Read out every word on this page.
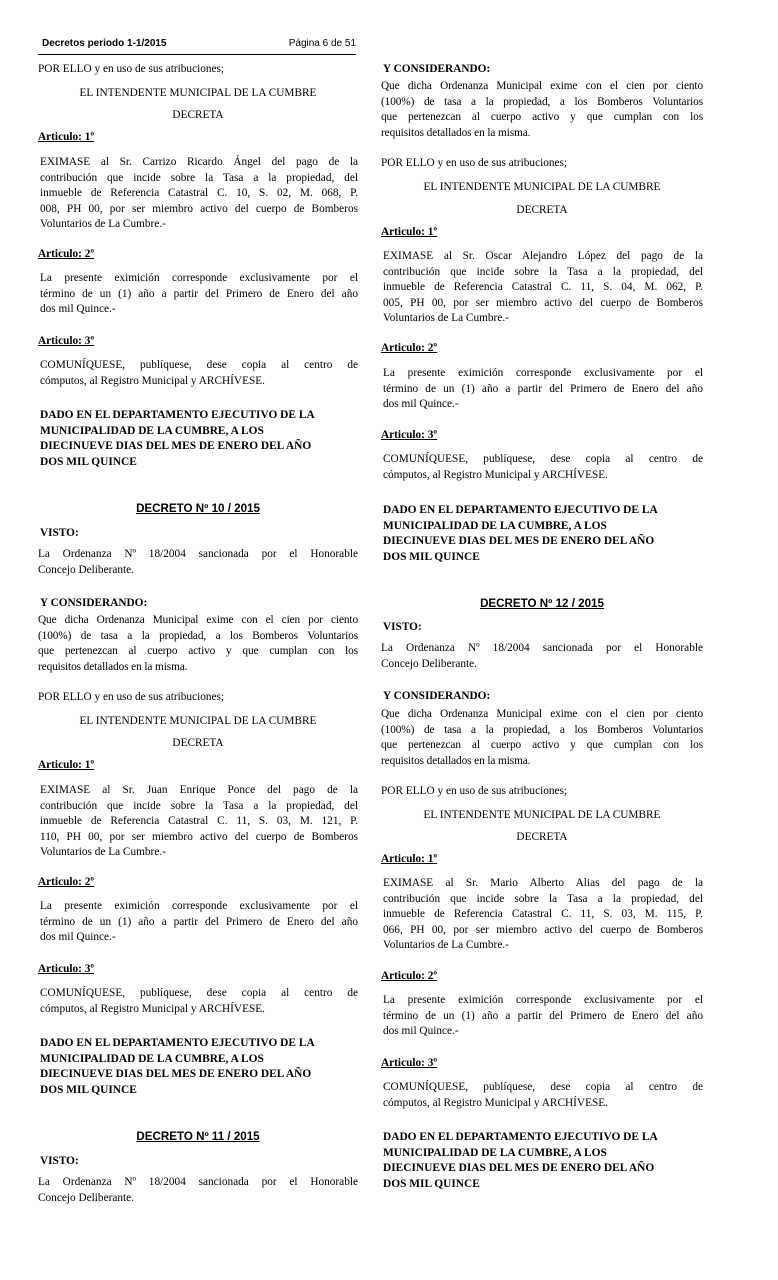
Decretos periodo 1-1/2015	Página 6 de 51
POR ELLO y en uso de sus atribuciones;
EL INTENDENTE MUNICIPAL DE LA CUMBRE
DECRETA
Articulo: 1º
EXIMASE al Sr. Carrizo Ricardo Ángel del pago de la
contribución que incide sobre la Tasa a la propiedad, del
inmueble de Referencia Catastral C. 10, S. 02, M. 068, P.
008, PH 00, por ser miembro activo del cuerpo de Bomberos
Voluntarios de La Cumbre.-
Articulo: 2º
La presente eximición corresponde exclusivamente por el
término de un (1) año a partir del Primero de Enero del año
dos mil Quince.-
Articulo: 3º
COMUNÍQUESE, publíquese, dese copia al centro de
cómputos, al Registro Municipal y ARCHÍVESE.
DADO EN EL DEPARTAMENTO EJECUTIVO DE LA
MUNICIPALIDAD DE LA CUMBRE, A LOS
DIECINUEVE DIAS DEL MES DE ENERO DEL AÑO
DOS MIL QUINCE
DECRETO Nº 10 / 2015
VISTO:
La Ordenanza Nº 18/2004 sancionada por el Honorable
Concejo Deliberante.
Y CONSIDERANDO:
Que dicha Ordenanza Municipal exime con el cien por ciento
(100%) de tasa a la propiedad, a los Bomberos Voluntarios
que pertenezcan al cuerpo activo y que cumplan con los
requisitos detallados en la misma.
POR ELLO y en uso de sus atribuciones;
EL INTENDENTE MUNICIPAL DE LA CUMBRE
DECRETA
Articulo: 1º
EXIMASE al Sr. Juan Enrique Ponce del pago de la
contribución que incide sobre la Tasa a la propiedad, del
inmueble de Referencia Catastral C. 11, S. 03, M. 121, P.
110, PH 00, por ser miembro activo del cuerpo de Bomberos
Voluntarios de La Cumbre.-
Articulo: 2º
La presente eximición corresponde exclusivamente por el
término de un (1) año a partir del Primero de Enero del año
dos mil Quince.-
Articulo: 3º
COMUNÍQUESE, publíquese, dese copia al centro de
cómputos, al Registro Municipal y ARCHÍVESE.
DADO EN EL DEPARTAMENTO EJECUTIVO DE LA
MUNICIPALIDAD DE LA CUMBRE, A LOS
DIECINUEVE DIAS DEL MES DE ENERO DEL AÑO
DOS MIL QUINCE
DECRETO Nº 11 / 2015
VISTO:
La Ordenanza Nº 18/2004 sancionada por el Honorable
Concejo Deliberante.
Y CONSIDERANDO:
Que dicha Ordenanza Municipal exime con el cien por ciento
(100%) de tasa a la propiedad, a los Bomberos Voluntarios
que pertenezcan al cuerpo activo y que cumplan con los
requisitos detallados en la misma.
POR ELLO y en uso de sus atribuciones;
EL INTENDENTE MUNICIPAL DE LA CUMBRE
DECRETA
Articulo: 1º
EXIMASE al Sr. Oscar Alejandro López del pago de la
contribución que incide sobre la Tasa a la propiedad, del
inmueble de Referencia Catastral C. 11, S. 04, M. 062, P.
005, PH 00, por ser miembro activo del cuerpo de Bomberos
Voluntarios de La Cumbre.-
Articulo: 2º
La presente eximición corresponde exclusivamente por el
término de un (1) año a partir del Primero de Enero del año
dos mil Quince.-
Articulo: 3º
COMUNÍQUESE, publíquese, dese copia al centro de
cómputos, al Registro Municipal y ARCHÍVESE.
DADO EN EL DEPARTAMENTO EJECUTIVO DE LA
MUNICIPALIDAD DE LA CUMBRE, A LOS
DIECINUEVE DIAS DEL MES DE ENERO DEL AÑO
DOS MIL QUINCE
DECRETO Nº 12 / 2015
VISTO:
La Ordenanza Nº 18/2004 sancionada por el Honorable
Concejo Deliberante.
Y CONSIDERANDO:
Que dicha Ordenanza Municipal exime con el cien por ciento
(100%) de tasa a la propiedad, a los Bomberos Voluntarios
que pertenezcan al cuerpo activo y que cumplan con los
requisitos detallados en la misma.
POR ELLO y en uso de sus atribuciones;
EL INTENDENTE MUNICIPAL DE LA CUMBRE
DECRETA
Articulo: 1º
EXIMASE al Sr. Mario Alberto Alias del pago de la
contribución que incide sobre la Tasa a la propiedad, del
inmueble de Referencia Catastral C. 11, S. 03, M. 115, P.
066, PH 00, por ser miembro activo del cuerpo de Bomberos
Voluntarios de La Cumbre.-
Articulo: 2º
La presente eximición corresponde exclusivamente por el
término de un (1) año a partir del Primero de Enero del año
dos mil Quince.-
Articulo: 3º
COMUNÍQUESE, publíquese, dese copia al centro de
cómputos, al Registro Municipal y ARCHÍVESE.
DADO EN EL DEPARTAMENTO EJECUTIVO DE LA
MUNICIPALIDAD DE LA CUMBRE, A LOS
DIECINUEVE DIAS DEL MES DE ENERO DEL AÑO
DOS MIL QUINCE
